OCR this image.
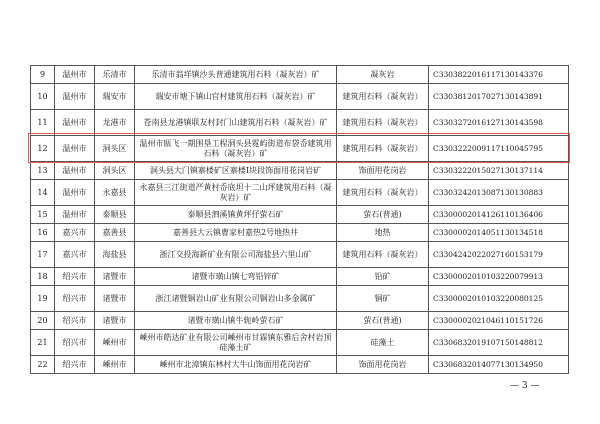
9	温州市	乐清市	乐清市翁垟镇沙头普通建筑用石料（凝灰岩）矿	凝灰岩	C3303822016117130143376
10	温州市	瑞安市	瑞安市塘下镇山官村建筑用石料（凝灰岩）矿	建筑用石料（凝灰岩）	C3303812017027130143891
11	温州市	龙港市	苍南县龙港镇联友村封门山建筑用石料（凝灰岩）矿	建筑用石料（凝灰岩）	C3303272016127130143598
12	温州市	洞头区	温州市瓯飞一期围垦工程洞头县霓屿街道布袋岙建筑用石料（凝灰岩）矿	建筑用石料（凝灰岩）	C3303222009117110045795
13	温州市	洞头区	洞头县大门镇寨楼矿区寨楼Ⅰ块段饰面用花岗岩矿	饰面用花岗岩	C3303222015027130137114
14	温州市	永嘉县	永嘉县三江街道严黄村岙底坦十二山坪建筑用石料（凝灰岩）矿	建筑用石料（凝灰岩）	C3303242013087130130883
15	温州市	泰顺县	泰顺县泗溪镇黄坪仔萤石矿	萤石(普通)	C3300002014126110136406
16	嘉兴市	嘉善县	嘉善县大云镇曹家村嘉热2号地热井	地热	C3300002014051130134518
17	嘉兴市	海盐县	浙江交投海新矿业有限公司海盐县六里山矿	建筑用石料（凝灰岩）	C3304242022027160153179
18	绍兴市	诸暨市	诸暨市璜山镇七弯铅锌矿	铅矿	C3300002010103220079913
19	绍兴市	诸暨市	浙江诸暨铜岩山矿业有限公司铜岩山多金属矿	铜矿	C3300002010103220080125
20	绍兴市	诸暨市	诸暨市璜山镇牛轭岭萤石矿	萤石(普通)	C3300002021046110151726
21	绍兴市	嵊州市	嵊州市皓达矿业有限公司嵊州市甘霖镇东雅后舍村岩顶硅藻土矿	硅藻土	C3306832019107150148812
22	绍兴市	嵊州市	嵊州市北漳镇东林村大牛山饰面用花岗岩矿	饰面用花岗岩	C3306832014077130134950
— 3 —
